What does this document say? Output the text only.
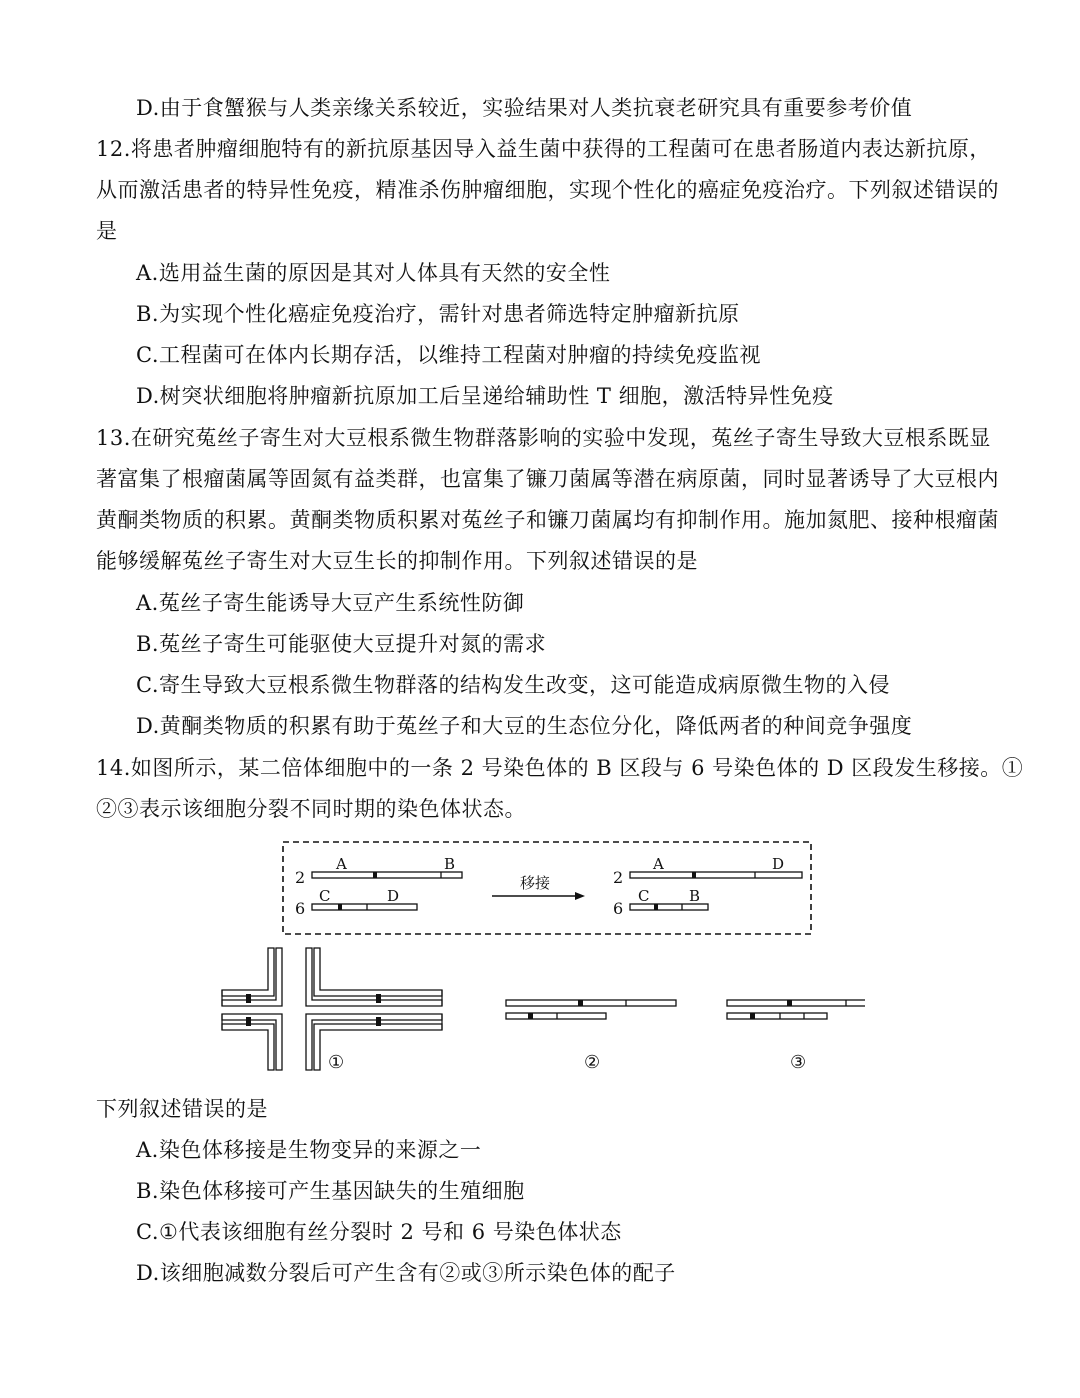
D.由于食蟹猴与人类亲缘关系较近，实验结果对人类抗衰老研究具有重要参考价值
12.将患者肿瘤细胞特有的新抗原基因导入益生菌中获得的工程菌可在患者肠道内表达新抗原，
从而激活患者的特异性免疫，精准杀伤肿瘤细胞，实现个性化的癌症免疫治疗。下列叙述错误的
是
A.选用益生菌的原因是其对人体具有天然的安全性
B.为实现个性化癌症免疫治疗，需针对患者筛选特定肿瘤新抗原
C.工程菌可在体内长期存活，以维持工程菌对肿瘤的持续免疫监视
D.树突状细胞将肿瘤新抗原加工后呈递给辅助性 T 细胞，激活特异性免疫
13.在研究菟丝子寄生对大豆根系微生物群落影响的实验中发现，菟丝子寄生导致大豆根系既显
著富集了根瘤菌属等固氮有益类群，也富集了镰刀菌属等潜在病原菌，同时显著诱导了大豆根内
黄酮类物质的积累。黄酮类物质积累对菟丝子和镰刀菌属均有抑制作用。施加氮肥、接种根瘤菌
能够缓解菟丝子寄生对大豆生长的抑制作用。下列叙述错误的是
A.菟丝子寄生能诱导大豆产生系统性防御
B.菟丝子寄生可能驱使大豆提升对氮的需求
C.寄生导致大豆根系微生物群落的结构发生改变，这可能造成病原微生物的入侵
D.黄酮类物质的积累有助于菟丝子和大豆的生态位分化，降低两者的种间竞争强度
14.如图所示，某二倍体细胞中的一条 2 号染色体的 B 区段与 6 号染色体的 D 区段发生移接。①
②③表示该细胞分裂不同时期的染色体状态。
2
A	B
6
C	D
移接	2
A	D
6
C	B
①	②	③
下列叙述错误的是
A.染色体移接是生物变异的来源之一
B.染色体移接可产生基因缺失的生殖细胞
C.①代表该细胞有丝分裂时 2 号和 6 号染色体状态
D.该细胞减数分裂后可产生含有②或③所示染色体的配子
